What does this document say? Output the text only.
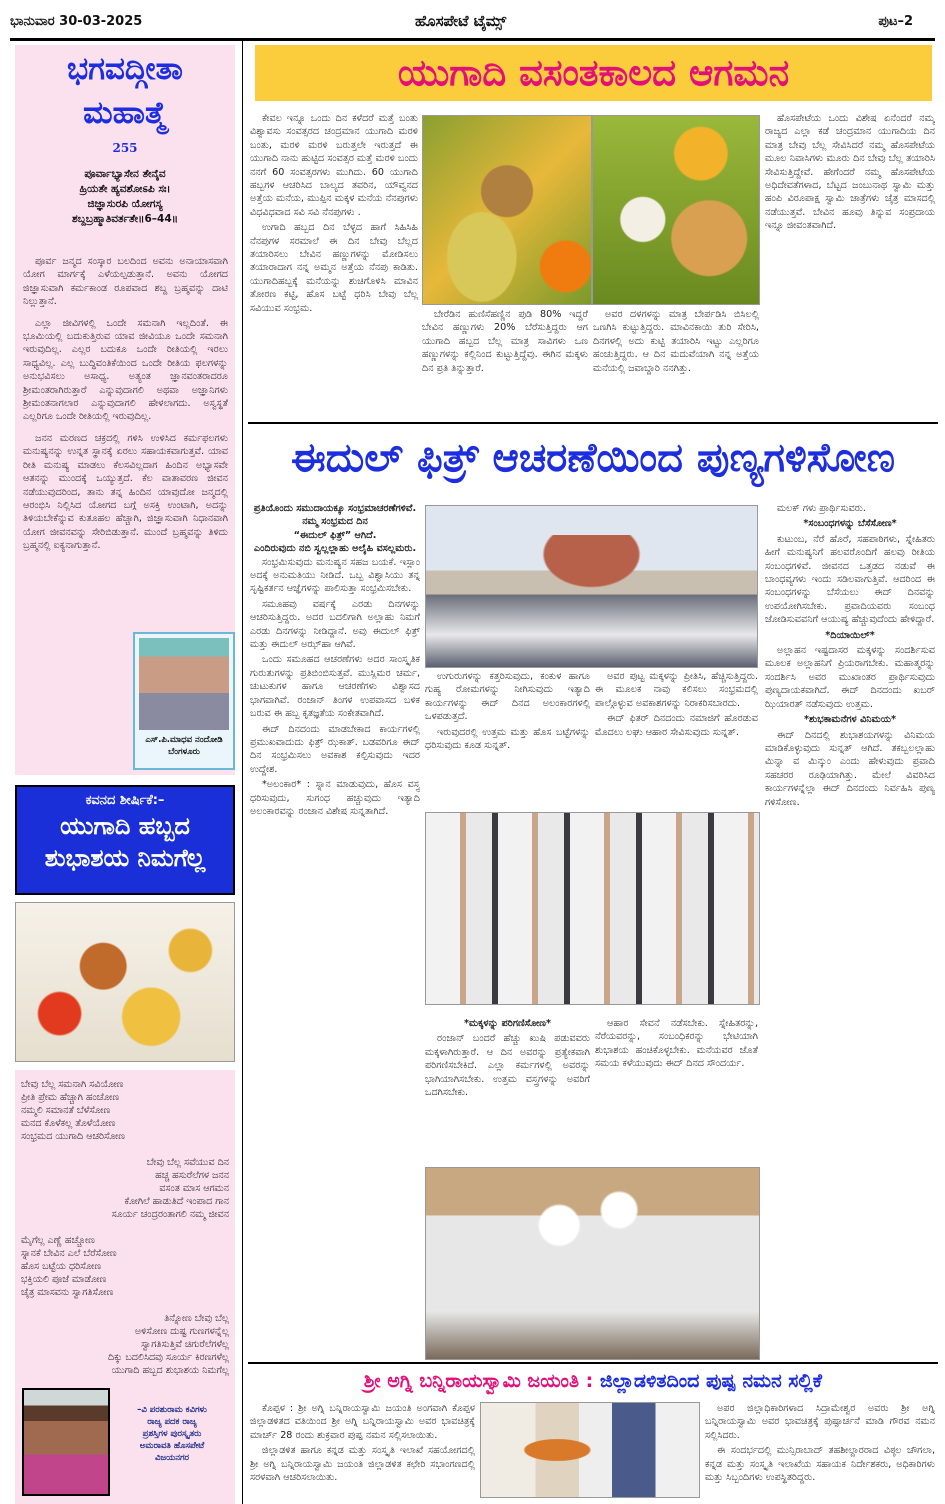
ಭಾನುವಾರ 30-03-2025	ಹೊಸಪೇಟೆ ಟೈಮ್ಸ್	ಪುಟ–2
ಭಗವದ್ಗೀತಾ
ಮಹಾತ್ಮೆ
255
ಪೂರ್ವಾಭ್ಯಾಸೇನ ತೇನೈವ
ಹ್ರಿಯತೇ ಹ್ಯವಶೋಽಪಿ ಸಃ।
ಜಿಜ್ಞಾಸುರಪಿ ಯೋಗಸ್ಯ
ಶಬ್ದಬ್ರಹ್ಮಾತಿವರ್ತತೇ॥6–44॥

ಪೂರ್ವ ಜನ್ಮದ ಸಂಸ್ಕಾರ ಬಲದಿಂದ ಅವನು ಅನಾಯಾಸವಾಗಿ ಯೋಗ ಮಾರ್ಗಕ್ಕೆ ಎಳೆಯಲ್ಪಡುತ್ತಾನೆ. ಅವನು ಯೋಗದ ಜಿಜ್ಞಾಸುವಾಗಿ ಕರ್ಮಕಾಂಡ ರೂಪವಾದ ಶಬ್ದ ಬ್ರಹ್ಮವನ್ನು ದಾಟಿ ನಿಲ್ಲುತ್ತಾನೆ.

ಎಲ್ಲಾ ಜೀವಿಗಳಲ್ಲಿ ಒಂದೇ ಸಮನಾಗಿ ಇಲ್ಲದಿಂತೆ. ಈ ಭೂಮಿಯಲ್ಲಿ ಬದುಕುತ್ತಿರುವ ಯಾವ ಜೀವಿಯೂ ಒಂದೇ ಸಮನಾಗಿ ಇರುವುದಿಲ್ಲ. ಎಲ್ಲರ ಬದುಕೂ ಒಂದೇ ರೀತಿಯಲ್ಲಿ ಇರಲು ಸಾಧ್ಯವಿಲ್ಲ. ಎಲ್ಲ ಬುದ್ಧಿವಂತಿಕೆಯಿಂದ ಒಂದೇ ರೀತಿಯ ಫಲಗಳನ್ನು ಅನುಭವಿಸಲು ಅಸಾಧ್ಯ. ಅತ್ಯಂತ ಜ್ಞಾನವಂತರಾದರೂ ಶ್ರೀಮಂತರಾಗಿರುತ್ತಾರೆ ಎನ್ನುವುದಾಗಲಿ ಅಥವಾ ಅಜ್ಞಾನಿಗಳು ಶ್ರೀಮಂತನಾಗಲಾರ ಎನ್ನುವುದಾಗಲಿ ಹೇಳಲಾಗದು. ಅಸ್ವಸ್ಥತೆ ಎಲ್ಲರಿಗೂ ಒಂದೇ ರೀತಿಯಲ್ಲಿ ಇರುವುದಿಲ್ಲ.

ಜನನ ಮರಣದ ಚಕ್ರದಲ್ಲಿ ಗಳಿಸಿ ಉಳಿಸಿದ ಕರ್ಮಫಲಗಳು ಮನುಷ್ಯನನ್ನು ಉನ್ನತ ಸ್ಥಾನಕ್ಕೆ ಏರಲು ಸಹಾಯಕವಾಗುತ್ತವೆ. ಯಾವ ರೀತಿ ಮನುಷ್ಯ ಮಾಡಲು ಕೆಲಸವಿಲ್ಲದಾಗ ಹಿಂದಿನ ಅಭ್ಯಾಸವೇ ಆತನನ್ನು ಮುಂದಕ್ಕೆ ಒಯ್ಯುತ್ತದೆ. ಕೆಲ ವಾತಾವರಣ ಜೀವನ ನಡೆಯುವುದರಿಂದ, ತಾನು ತನ್ನ ಹಿಂದಿನ ಯಾವುದೋ ಜನ್ಮದಲ್ಲಿ ಆರಂಭಿಸಿ ನಿಲ್ಲಿಸಿದ ಯೋಗದ ಬಗ್ಗೆ ಅಸಕ್ತಿ ಉಂಟಾಗಿ, ಅದನ್ನು ತಿಳಿಯಬೇಕೆನ್ನುವ ಕುತೂಹಲ ಹೆಚ್ಚಾಗಿ, ಜಿಜ್ಞಾಸುವಾಗಿ ನಿಧಾನವಾಗಿ ಯೋಗ ಜೀವನವನ್ನು ಸೇರಿಬಿಡುತ್ತಾನೆ. ಮುಂದೆ ಬ್ರಹ್ಮವನ್ನು ತಿಳಿದು ಬ್ರಹ್ಮನಲ್ಲಿ ಐಕ್ಯನಾಗುತ್ತಾನೆ.

ಎಸ್.ಪಿ.ಮಾಧವ ನಂದೋಡಿ
ಬೆಂಗಳೂರು
ಕವನದ ಶೀರ್ಷಿಕೆ:–
ಯುಗಾದಿ ಹಬ್ಬದ
ಶುಭಾಶಯ ನಿಮಗೆಲ್ಲ
ಬೇವು ಬೆಲ್ಲ ಸಮನಾಗಿ ಸವಿಯೋಣ
ಪ್ರೀತಿ ಪ್ರೇಮ ಹೆಚ್ಚಾಗಿ ಹಂಚೋಣ
ನಮ್ಮಲಿ ಸಮಾನತೆ ಬೆಳೆಸೋಣ
ಮನದ ಕೊಳೆಕಲ್ಲ ತೊಳೆಯೋಣ
ಸಂಭ್ರಮದ ಯುಗಾದಿ ಆಚರಿಸೋಣ
ಬೇವು ಬೆಲ್ಲ ಸವೆಯುವ ದಿನ
ಹಚ್ಚ ಹಸುರೆಲೆಗಳ ಜನನ
ವಸಂತ ಮಾಸ ಆಗಮನ
ಕೋಗಿಲೆ ಹಾಡುತಿದೆ ಇಂಪಾದ ಗಾನ
ಸೂರ್ಯ ಚಂದ್ರರಂತಾಗಲಿ ನಮ್ಮ ಜೀವನ
ಮೈಗೆಲ್ಲ ಎಣ್ಣೆ ಹಚ್ಚೋಣ
ಸ್ನಾನಕೆ ಬೇವಿನ ಎಲೆ ಬೆರೆಸೋಣ
ಹೊಸ ಬಟ್ಟೆಯ ಧರಿಸೋಣ
ಭಕ್ತಿಯಲಿ ಪೂಜೆ ಮಾಡೋಣ
ಚೈತ್ರ ಮಾಸವನು ಸ್ವಾಗತಿಸೋಣ
ತಿನ್ನೋಣ ಬೇವು ಬೆಲ್ಲ
ಅಳಿಸೋಣ ದುಷ್ಟ ಗುಣಗಳನ್ನೆಲ್ಲ
ಸ್ವಾಗತಿಸುತ್ತಿವೆ ಚಿಗುರೆಲೆಗಳೆಲ್ಲ
ದಿಕ್ಕು ಬದಲಿಸಿದವು ಸೂರ್ಯ ಕಿರಣಗಳೆಲ್ಲ
ಯುಗಾದಿ ಹಬ್ಬದ ಶುಭಾಶಯ ನಿಮಗೆಲ್ಲ
–ವಿ ಪರಶುರಾಮ ಕವಿಗಳು
ರಾಜ್ಯ ಪದಕ ರಾಜ್ಯ
ಪ್ರಶಸ್ತಿಗಳ ಪುರಸ್ಕೃತರು
ಅಮರಾವತಿ ಹೊಸಪೇಟೆ
ವಿಜಯನಗರ
ಯುಗಾದಿ ವಸಂತಕಾಲದ ಆಗಮನ

ಕೇವಲ ಇನ್ನೂ ಒಂದು ದಿನ ಕಳೆದರೆ ಮತ್ತೆ ಬಂತು ವಿಶ್ವಾವಸು ಸಂವತ್ಸರದ ಚಂದ್ರಮಾನ ಯುಗಾದಿ ಮರಳಿ ಬಂತು, ಮರಳಿ ಮರಳಿ ಬರುತ್ತಲೇ ಇರುತ್ತದೆ ಈ ಯುಗಾದಿ ನಾನು ಹುಟ್ಟಿದ ಸಂವತ್ಸರ ಮತ್ತೆ ಮರಳಿ ಬಂದು ನನಗೆ 60 ಸಂವತ್ಸರಗಳು ಮುಗಿದು. 60 ಯುಗಾದಿ ಹಬ್ಬಗಳ ಆಚರಿಸಿದ ಬಾಲ್ಯದ ತವರಿನ, ಯೌವ್ವನದ ಅತ್ತೆಯ ಮನೆಯ, ಮುಪ್ಪಿನ ಮಕ್ಕಳ ಮನೆಯ ನೆನಪುಗಳು ವಿಧವಿಧವಾದ ಸವಿ ಸವಿ ನೆನಪುಗಳು .

ಉಗಾದಿ ಹಬ್ಬದ ದಿನ ಬೆಳ್ಳದ ಹಾಗೆ ಸಿಹಿಸಿಹಿ ನೆನಪುಗಳ ಸರಮಾಲೆ ಈ ದಿನ ಬೇವು ಬೆಲ್ಲದ ತಯಾರಿಸಲು ಬೇವಿನ ಹಣ್ಣುಗಳನ್ನು ಮೋಡಿಸಲು ತಯಾರಾದಾಗ ನನ್ನ ಅಮ್ಮನ ಅತ್ತೆಯ ನೆನಪು ಕಾಡಿತು. ಯುಗಾದಿಹಬ್ಬಕ್ಕೆ ಮನೆಯನ್ನು ಶುಚಿಗೊಳಿಸಿ ಮಾವಿನ ತೋರಣ ಕಟ್ಟಿ, ಹೊಸ ಬಟ್ಟೆ ಧರಿಸಿ ಬೇವು ಬೆಲ್ಲ ಸವಿಯುವ ಸಂಭ್ರಮ.

ಬೇರೆಡಿನ ಹುಣಿಸೆಹಣ್ಣಿನ ಪುಡಿ 80% ಇದ್ದರೆ ಬೇವಿನ ಹಣ್ಣುಗಳು 20% ಬೆರೆಸುತ್ತಿದ್ದರು ಆಗ ಯುಗಾದಿ ಹಬ್ಬದ ಬೆಲ್ಲ ಮಾತ್ರ ಸಾವಿಗಳು ಒಣ ಹಣ್ಣುಗಳನ್ನು ಕಲ್ಲಿನಿಂದ ಕುಟ್ಟುತ್ತಿದ್ದೆವು. ಈಗಿನ ಮಕ್ಕಳು ದಿನ ಪ್ರತಿ ತಿನ್ನುತ್ತಾರೆ.

ಅವರ ದಳಗಳನ್ನು ಮಾತ್ರ ಬೇರ್ಪಡಿಸಿ ಬಿಸಿಲಲ್ಲಿ ಒಣಗಿಸಿ ಕುಟ್ಟುತ್ತಿದ್ದರು. ಮಾವಿನಕಾಯಿ ತುರಿ ಸೇರಿಸಿ, ದಿನಗಳಲ್ಲಿ ಅದು ಕುಟ್ಟಿ ತಯಾರಿಸಿ ಇಟ್ಟು ಎಲ್ಲರಿಗೂ ಹಂಚುತ್ತಿದ್ದರು. ಆ ದಿನ ಮದುವೆಯಾಗಿ ನನ್ನ ಅತ್ತೆಯ ಮನೆಯಲ್ಲಿ ಜವಾಬ್ದಾರಿ ನನಗಿತ್ತು.

ಹೊಸಪೇಟೆಯ ಒಂದು ವಿಶೇಷ ಏನೆಂದರೆ ನಮ್ಮ ರಾಜ್ಯದ ಎಲ್ಲಾ ಕಡೆ ಚಂದ್ರಮಾನ ಯುಗಾದಿಯ ದಿನ ಮಾತ್ರ ಬೇವು ಬೆಲ್ಲ ಸೇವಿಸಿದರೆ ನಮ್ಮ ಹೊಸಪೇಟೆಯ ಮೂಲ ನಿವಾಸಿಗಳು ಮೂರು ದಿನ ಬೇವು ಬೆಲ್ಲ ತಯಾರಿಸಿ ಸೇವಿಸುತ್ತಿದ್ದೇವೆ. ಹೇಗೆಂದರೆ ನಮ್ಮ ಹೊಸಪೇಟೆಯ ಅಧಿದೇವತೆಗಳಾದ, ಬೆಟ್ಟದ ಜಂಬುನಾಥ ಸ್ವಾಮಿ ಮತ್ತು ಹಂಪಿ ವಿರೂಪಾಕ್ಷ ಸ್ವಾಮಿ ಜಾತ್ರೆಗಳು ಚೈತ್ರ ಮಾಸದಲ್ಲಿ ನಡೆಯುತ್ತವೆ. ಬೇವಿನ ಹೂವು ತಿನ್ನುವ ಸಂಪ್ರದಾಯ ಇನ್ನೂ ಜೀವಂತವಾಗಿದೆ.

ಈದುಲ್ ಫಿತ್ರ್ ಆಚರಣೆಯಿಂದ ಪುಣ್ಯಗಳಿಸೋಣ
ಪ್ರತಿಯೊಂದು ಸಮುದಾಯಕ್ಕೂ ಸಂಭ್ರಮಾಚರಣೆಗಳಿವೆ. ನಮ್ಮ ಸಂಭ್ರಮದ ದಿನ
“ಈದುಲ್ ಫಿತ್ರ್” ಆಗಿದೆ.
ಎಂದಿರುವುದು ನಬಿ ಸ್ವಲ್ಲಲ್ಲಾಹು ಅಲೈಹಿ ವಸಲ್ಲಮರು.

ಸಂಭ್ರಮಿಸುವುದು ಮನುಷ್ಯನ ಸಹಜ ಬಯಕೆ. ಇಸ್ಲಾಂ ಅದಕ್ಕೆ ಅನುಮತಿಯು ನೀಡಿದೆ. ಒಬ್ಬ ವಿಶ್ವಾಸಿಯು ತನ್ನ ಸೃಷ್ಟಿಕರ್ತನ ಆಜ್ಞೆಗಳನ್ನು ಪಾಲಿಸುತ್ತಾ ಸಂಭ್ರಮಿಸಬೇಕು.

ಸಮೂಹವು ವರ್ಷಕ್ಕೆ ಎರಡು ದಿನಗಳನ್ನು ಆಚರಿಸುತ್ತಿದ್ದರು. ಅದರ ಬದಲಿಗಾಗಿ ಅಲ್ಲಾಹು ನಿಮಗೆ ಎರಡು ದಿನಗಳನ್ನು ನೀಡಿದ್ದಾನೆ. ಅವು ಈದುಲ್ ಫಿತ್ರ್ ಮತ್ತು ಈದುಲ್ ಅಝ್‌ಹಾ ಆಗಿವೆ.

ಒಂದು ಸಮೂಹದ ಆಚರಣೆಗಳು ಅದರ ಸಾಂಸ್ಕೃತಿಕ ಗುರುತುಗಳನ್ನು ಪ್ರತಿಬಿಂಬಿಸುತ್ತವೆ. ಮುಸ್ಲಿಮರ ಚರ್ಮ, ಚುಟುಕುಗಳ ಹಾಗೂ ಆಚರಣೆಗಳು ವಿಶ್ವಾಸದ ಭಾಗವಾಗಿವೆ. ರಂಜಾನ್ ತಿಂಗಳ ಉಪವಾಸದ ಬಳಿಕ ಬರುವ ಈ ಹಬ್ಬ ಕೃತಜ್ಞತೆಯ ಸಂಕೇತವಾಗಿದೆ.

ಈದ್ ದಿನದಂದು ಮಾಡಬೇಕಾದ ಕಾರ್ಯಗಳಲ್ಲಿ ಪ್ರಮುಖವಾದುದು ಫಿತ್ರ್ ಝಕಾತ್. ಬಡವರಿಗೂ ಈದ್ ದಿನ ಸಂಭ್ರಮಿಸಲು ಅವಕಾಶ ಕಲ್ಪಿಸುವುದು ಇದರ ಉದ್ದೇಶ.

*ಅಲಂಕಾರ* : ಸ್ನಾನ ಮಾಡುವುದು, ಹೊಸ ವಸ್ತ್ರ ಧರಿಸುವುದು, ಸುಗಂಧ ಹಚ್ಚುವುದು ಇತ್ಯಾದಿ ಅಲಂಕಾರವನ್ನು ರಂಜಾನ ವಿಶೇಷ ಸುನ್ನತಾಗಿದೆ.

ಉಗುರುಗಳನ್ನು ಕತ್ತರಿಸುವುದು, ಕಂಕುಳ ಹಾಗೂ ಗುಹ್ಯ ರೋಮಗಳನ್ನು ನೀಗಿಸುವುದು ಇತ್ಯಾದಿ ಕಾರ್ಯಗಳನ್ನು ಈದ್ ದಿನದ ಅಲಂಕಾರಗಳಲ್ಲಿ ಒಳಪಡುತ್ತದೆ.

ಇರುವುದರಲ್ಲಿ ಉತ್ತಮ ಮತ್ತು ಹೊಸ ಬಟ್ಟೆಗಳನ್ನು ಧರಿಸುವುದು ಕೂಡ ಸುನ್ನತ್.

ಅವರ ಪುಟ್ಟ ಮಕ್ಕಳನ್ನು ಪ್ರೀತಿಸಿ, ಹೆಚ್ಚಿಸುತ್ತಿದ್ದರು. ಈ ಮೂಲಕ ನಾವು ಕಲಿಸಲು ಸಂಭ್ರಮದಲ್ಲಿ ಪಾಲ್ಗೊಳ್ಳುವ ಅವಕಾಶಗಳನ್ನು ನಿರಾಕರಿಸಬಾರದು.

ಈದ್ ಫಿತರ್ ದಿನದಂದು ನಮಾಜಿಗೆ ಹೊರಡುವ ಮೊದಲು ಲಘು ಆಹಾರ ಸೇವಿಸುವುದು ಸುನ್ನತ್.

*ಮಕ್ಕಳನ್ನು ಪರಿಗಣಿಸೋಣ*

ರಂಜಾನ್ ಬಂದರೆ ಹೆಚ್ಚು ಖುಷಿ ಪಡುವವರು ಮಕ್ಕಳಾಗಿರುತ್ತಾರೆ. ಆ ದಿನ ಅವರನ್ನು ಪ್ರತ್ಯೇಕವಾಗಿ ಪರಿಗಣಿಸಬೇಕಿದೆ. ಎಲ್ಲಾ ಕರ್ಮಗಳಲ್ಲಿ ಅವರನ್ನು ಭಾಗಿಯಾಗಿಸಬೇಕು. ಉತ್ತಮ ವಸ್ತ್ರಗಳನ್ನು ಅವರಿಗೆ ಒದಗಿಸಬೇಕು.

ಆಹಾರ ಸೇವನೆ ನಡೆಸಬೇಕು. ಸ್ನೇಹಿತರನ್ನು, ನೆರೆಯವರನ್ನು, ಸಂಬಂಧಿಕರನ್ನು ಭೇಟಿಯಾಗಿ ಶುಭಾಶಯ ಹಂಚಿಕೊಳ್ಳಬೇಕು. ಮನೆಯವರ ಜೊತೆ ಸಮಯ ಕಳೆಯುವುದು ಈದ್ ದಿನದ ಸೌಂದರ್ಯ.

ಮಲಕ್ ಗಳು ಪ್ರಾರ್ಥಿಸುವರು.

*ಸಂಬಂಧಗಳನ್ನು ಬೆಸೆಸೋಣ*

ಕುಟುಂಬ, ನೆರೆ ಹೊರೆ, ಸಹಪಾಠಿಗಳು, ಸ್ನೇಹಿತರು ಹೀಗೆ ಮನುಷ್ಯನಿಗೆ ಹಲವರೊಂದಿಗೆ ಹಲವು ರೀತಿಯ ಸಂಬಂಧಗಳಿವೆ. ಜೀವನದ ಒತ್ತಡದ ನಡುವೆ ಈ ಬಾಂಧವ್ಯಗಳು ಇಂದು ಸಡಿಲವಾಗುತ್ತಿವೆ. ಆದರಿಂದ ಈ ಸಂಬಂಧಗಳನ್ನು ಬೆಸೆಯಲು ಈದ್ ದಿನವನ್ನು ಉಪಯೋಗಿಸಬೇಕು. ಪ್ರವಾದಿಯವರು ಸಂಬಂಧ ಜೋಡಿಸುವವನಿಗೆ ಆಯುಷ್ಯ ಹೆಚ್ಚುವುದೆಂದು ಹೇಳಿದ್ದಾರೆ.

*ದಿಯಾಯಿಲ್*

ಅಲ್ಲಾಹನ ಇಷ್ಟದಾಸರ ಮಕ್ಕಳನ್ನು ಸಂದರ್ಶಿಸುವ ಮೂಲಕ ಅಲ್ಲಾಹನಿಗೆ ಪ್ರಿಯರಾಗಬೇಕು. ಮಹಾತ್ಮರನ್ನು ಸಂದರ್ಶಿಸಿ ಅವರ ಮುಖಾಂತರ ಪ್ರಾರ್ಥಿಸುವುದು ಪುಣ್ಯದಾಯಕವಾಗಿದೆ. ಈದ್ ದಿನದಂದು ಖಬರ್ ಝಿಯಾರತ್ ನಡೆಸುವುದು ಉತ್ತಮ.

*ಶುಭಕಾಮನೆಗಳ ವಿನಿಮಯ*

ಈದ್ ದಿನದಲ್ಲಿ ಶುಭಾಶಯಗಳನ್ನು ವಿನಿಮಯ ಮಾಡಿಕೊಳ್ಳುವುದು ಸುನ್ನತ್ ಆಗಿದೆ. ತಕಬ್ಬಲಲ್ಲಾಹು ಮಿನ್ನಾ ವ ಮಿನ್ಕುಂ ಎಂದು ಹೇಳುವುದು ಪ್ರವಾದಿ ಸಹಚರರ ರೂಢಿಯಾಗಿತ್ತು. ಮೇಲೆ ವಿವರಿಸಿದ ಕಾರ್ಯಗಳನ್ನೆಲ್ಲಾ ಈದ್ ದಿನದಂದು ನಿರ್ವಹಿಸಿ ಪುಣ್ಯ ಗಳಿಸೋಣ.

ಶ್ರೀ ಅಗ್ನಿ ಬನ್ನಿರಾಯಸ್ವಾಮಿ ಜಯಂತಿ : ಜಿಲ್ಲಾಡಳಿತದಿಂದ ಪುಷ್ಪ ನಮನ ಸಲ್ಲಿಕೆ

ಕೊಪ್ಪಳ : ಶ್ರೀ ಅಗ್ನಿ ಬನ್ನಿರಾಯಸ್ವಾಮಿ ಜಯಂತಿ ಅಂಗವಾಗಿ ಕೊಪ್ಪಳ ಜಿಲ್ಲಾಡಳಿತದ ವತಿಯಿಂದ ಶ್ರೀ ಅಗ್ನಿ ಬನ್ನಿರಾಯಸ್ವಾಮಿ ಅವರ ಭಾವಚಿತ್ರಕ್ಕೆ ಮಾರ್ಚ್ 28 ರಂದು ಶುಕ್ರವಾರ ಪುಷ್ಪ ನಮನ ಸಲ್ಲಿಸಲಾಯಿತು.

ಜಿಲ್ಲಾಡಳಿತ ಹಾಗೂ ಕನ್ನಡ ಮತ್ತು ಸಂಸ್ಕೃತಿ ಇಲಾಖೆ ಸಹಯೋಗದಲ್ಲಿ ಶ್ರೀ ಅಗ್ನಿ ಬನ್ನಿರಾಯಸ್ವಾಮಿ ಜಯಂತಿ ಜಿಲ್ಲಾಡಳಿತ ಕಛೇರಿ ಸಭಾಂಗಣದಲ್ಲಿ ಸರಳವಾಗಿ ಆಚರಿಸಲಾಯಿತು.

ಅಪರ ಜಿಲ್ಲಾಧಿಕಾರಿಗಳಾದ ಸಿದ್ರಾಮೇಶ್ವರ ಅವರು ಶ್ರೀ ಅಗ್ನಿ ಬನ್ನಿರಾಯಸ್ವಾಮಿ ಅವರ ಭಾವಚಿತ್ರಕ್ಕೆ ಪುಷ್ಪಾರ್ಚನೆ ಮಾಡಿ ಗೌರವ ನಮನ ಸಲ್ಲಿಸಿದರು.

ಈ ಸಂದರ್ಭದಲ್ಲಿ ಮುನ್ಸಿರಾಬಾದ್ ತಹಶೀಲ್ದಾರರಾದ ವಿಠ್ಠಲ ಚೌಗಲಾ, ಕನ್ನಡ ಮತ್ತು ಸಂಸ್ಕೃತಿ ಇಲಾಖೆಯ ಸಹಾಯಕ ನಿರ್ದೇಶಕರು, ಅಧಿಕಾರಿಗಳು ಮತ್ತು ಸಿಬ್ಬಂದಿಗಳು ಉಪಸ್ಥಿತರಿದ್ದರು.
